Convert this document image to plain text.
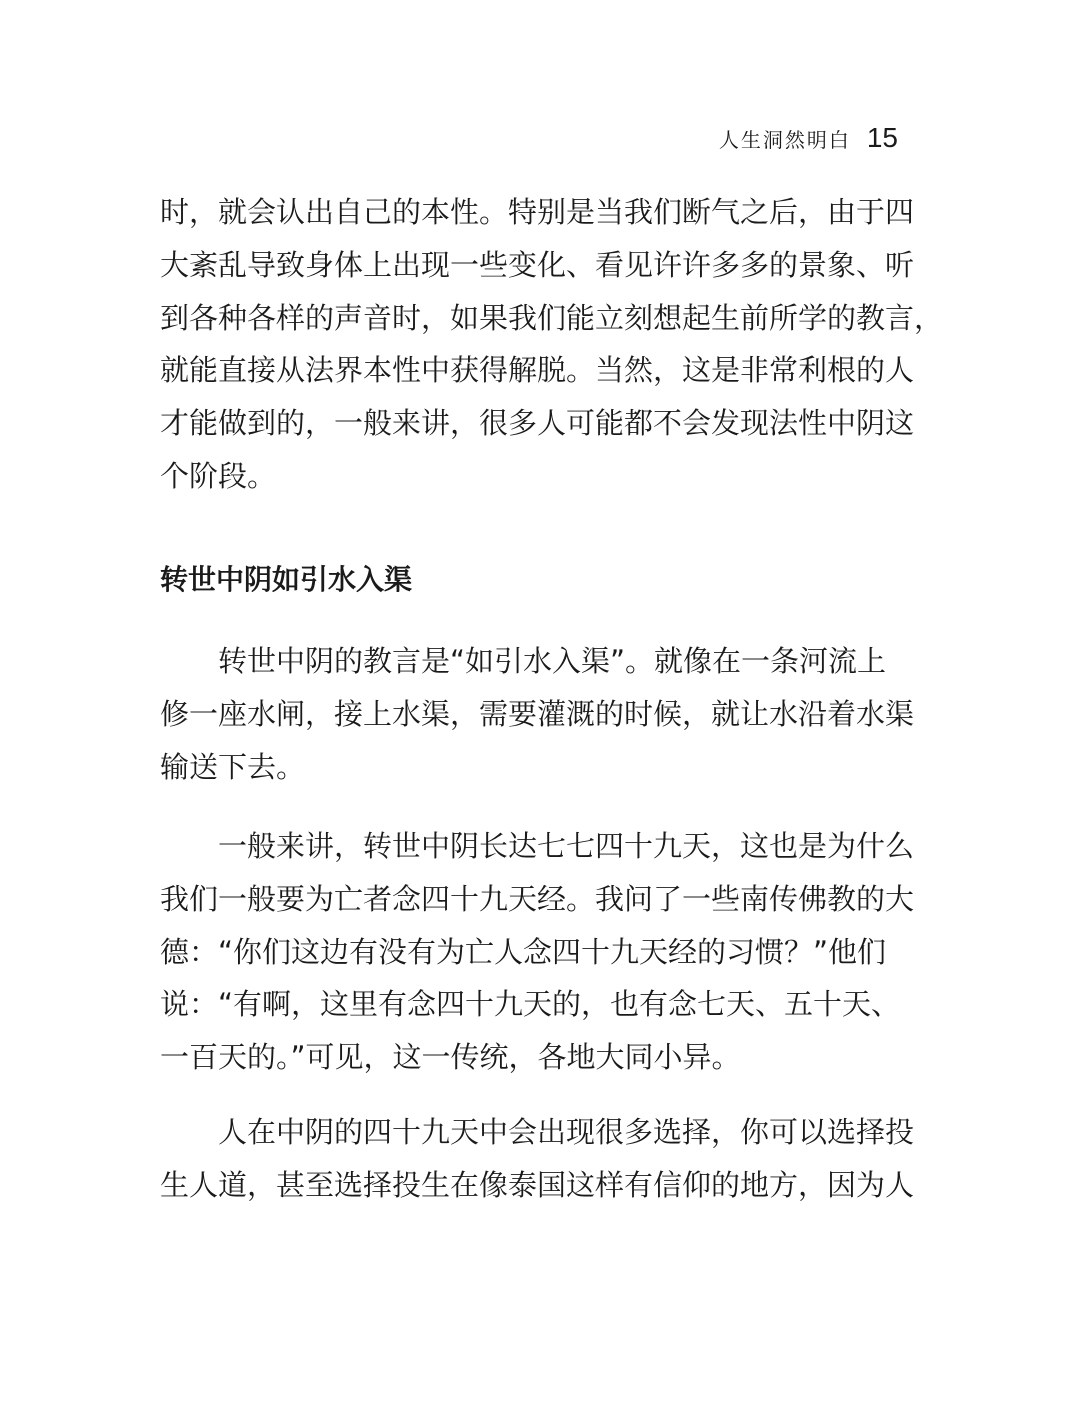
人生洞然明白 15

时，就会认出自己的本性。特别是当我们断气之后，由于四
大紊乱导致身体上出现一些变化、看见许许多多的景象、听
到各种各样的声音时，如果我们能立刻想起生前所学的教言，
就能直接从法界本性中获得解脱。当然，这是非常利根的人
才能做到的，一般来讲，很多人可能都不会发现法性中阴这
个阶段。

转世中阴如引水入渠

转世中阴的教言是“如引水入渠”。就像在一条河流上
修一座水闸，接上水渠，需要灌溉的时候，就让水沿着水渠
输送下去。

一般来讲，转世中阴长达七七四十九天，这也是为什么
我们一般要为亡者念四十九天经。我问了一些南传佛教的大
德：“你们这边有没有为亡人念四十九天经的习惯？”他们
说：“有啊，这里有念四十九天的，也有念七天、五十天、
一百天的。”可见，这一传统，各地大同小异。

人在中阴的四十九天中会出现很多选择，你可以选择投
生人道，甚至选择投生在像泰国这样有信仰的地方，因为人
